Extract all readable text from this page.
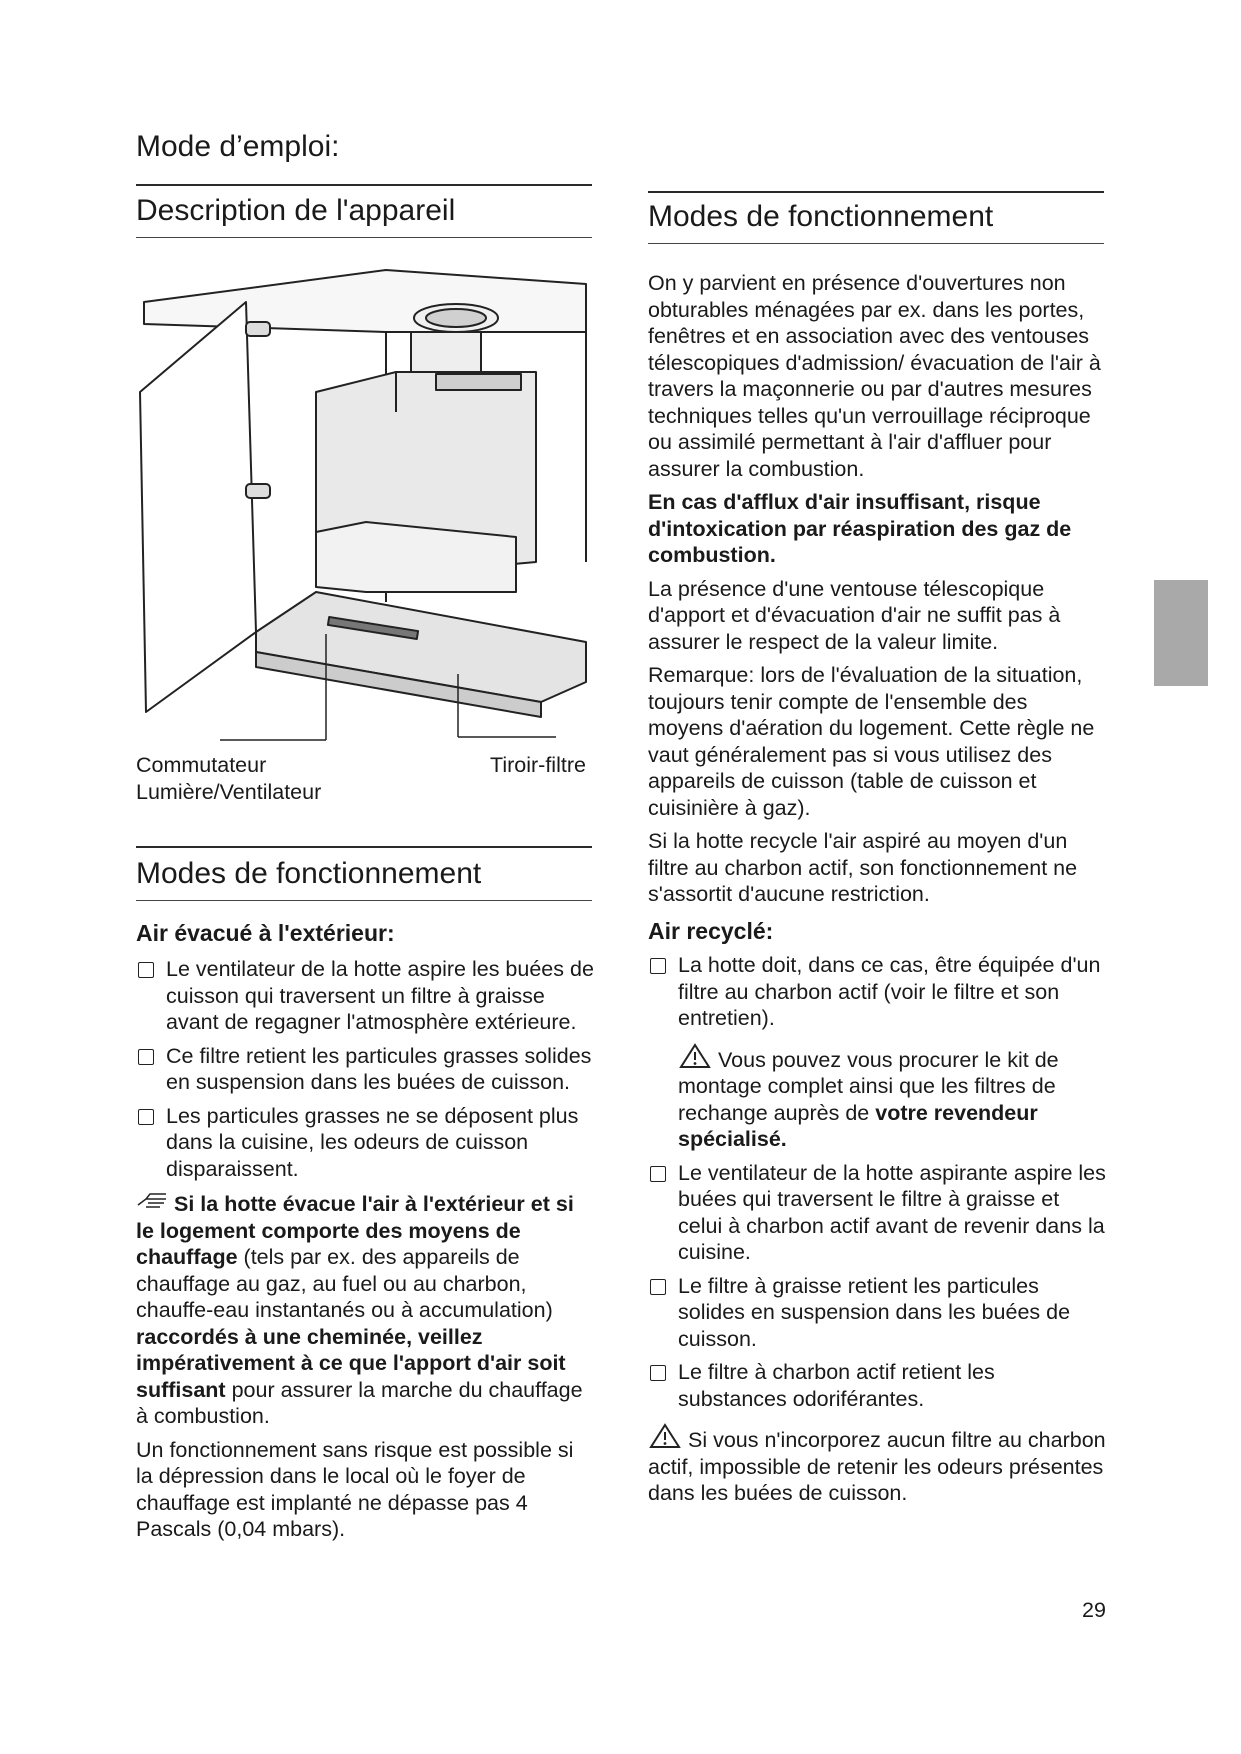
Mode d’emploi:
Description de l'appareil
Commutateur
Lumière/Ventilateur
Tiroir-filtre
Modes de fonctionnement
Air évacué à l'extérieur:
Le ventilateur de la hotte aspire les buées de cuisson qui traversent un filtre à graisse avant de regagner l'atmosphère extérieure.
Ce filtre retient les particules grasses solides en suspension dans les buées de cuisson.
Les particules grasses ne se déposent plus dans la cuisine, les odeurs de cuisson disparaissent.

Si la hotte évacue l'air à l'extérieur et si le logement comporte des moyens de chauffage (tels par ex. des appareils de chauffage au gaz, au fuel ou au charbon, chauffe-eau instantanés ou à accumulation) raccordés à une cheminée, veillez impérativement à ce que l'apport d'air soit suffisant pour assurer la marche du chauffage à combustion.

Un fonctionnement sans risque est possible si la dépression dans le local où le foyer de chauffage est implanté ne dépasse pas 4 Pascals (0,04 mbars).

Modes de fonctionnement

On y parvient en présence d'ouvertures non obturables ménagées par ex. dans les portes, fenêtres et en association avec des ventouses télescopiques d'admission/ évacuation de l'air à travers la maçonnerie ou par d'autres mesures techniques telles qu'un verrouillage réciproque ou assimilé permettant à l'air d'affluer pour assurer la combustion.

En cas d'afflux d'air insuffisant, risque d'intoxication par réaspiration des gaz de combustion.

La présence d'une ventouse télescopique d'apport et d'évacuation d'air ne suffit pas à assurer le respect de la valeur limite.

Remarque: lors de l'évaluation de la situation, toujours tenir compte de l'ensemble des moyens d'aération du logement. Cette règle ne vaut généralement pas si vous utilisez des appareils de cuisson (table de cuisson et cuisinière à gaz).

Si la hotte recycle l'air aspiré au moyen d'un filtre au charbon actif, son fonctionnement ne s'assortit d'aucune restriction.

Air recyclé:
La hotte doit, dans ce cas, être équipée d'un filtre au charbon actif (voir le filtre et son entretien).

Vous pouvez vous procurer le kit de montage complet ainsi que les filtres de rechange auprès de votre revendeur spécialisé.

Le ventilateur de la hotte aspirante aspire les buées qui traversent le filtre à graisse et celui à charbon actif avant de revenir dans la cuisine.
Le filtre à graisse retient les particules solides en suspension dans les buées de cuisson.
Le filtre à charbon actif retient les substances odoriférantes.

Si vous n'incorporez aucun filtre au charbon actif, impossible de retenir les odeurs présentes dans les buées de cuisson.

29
